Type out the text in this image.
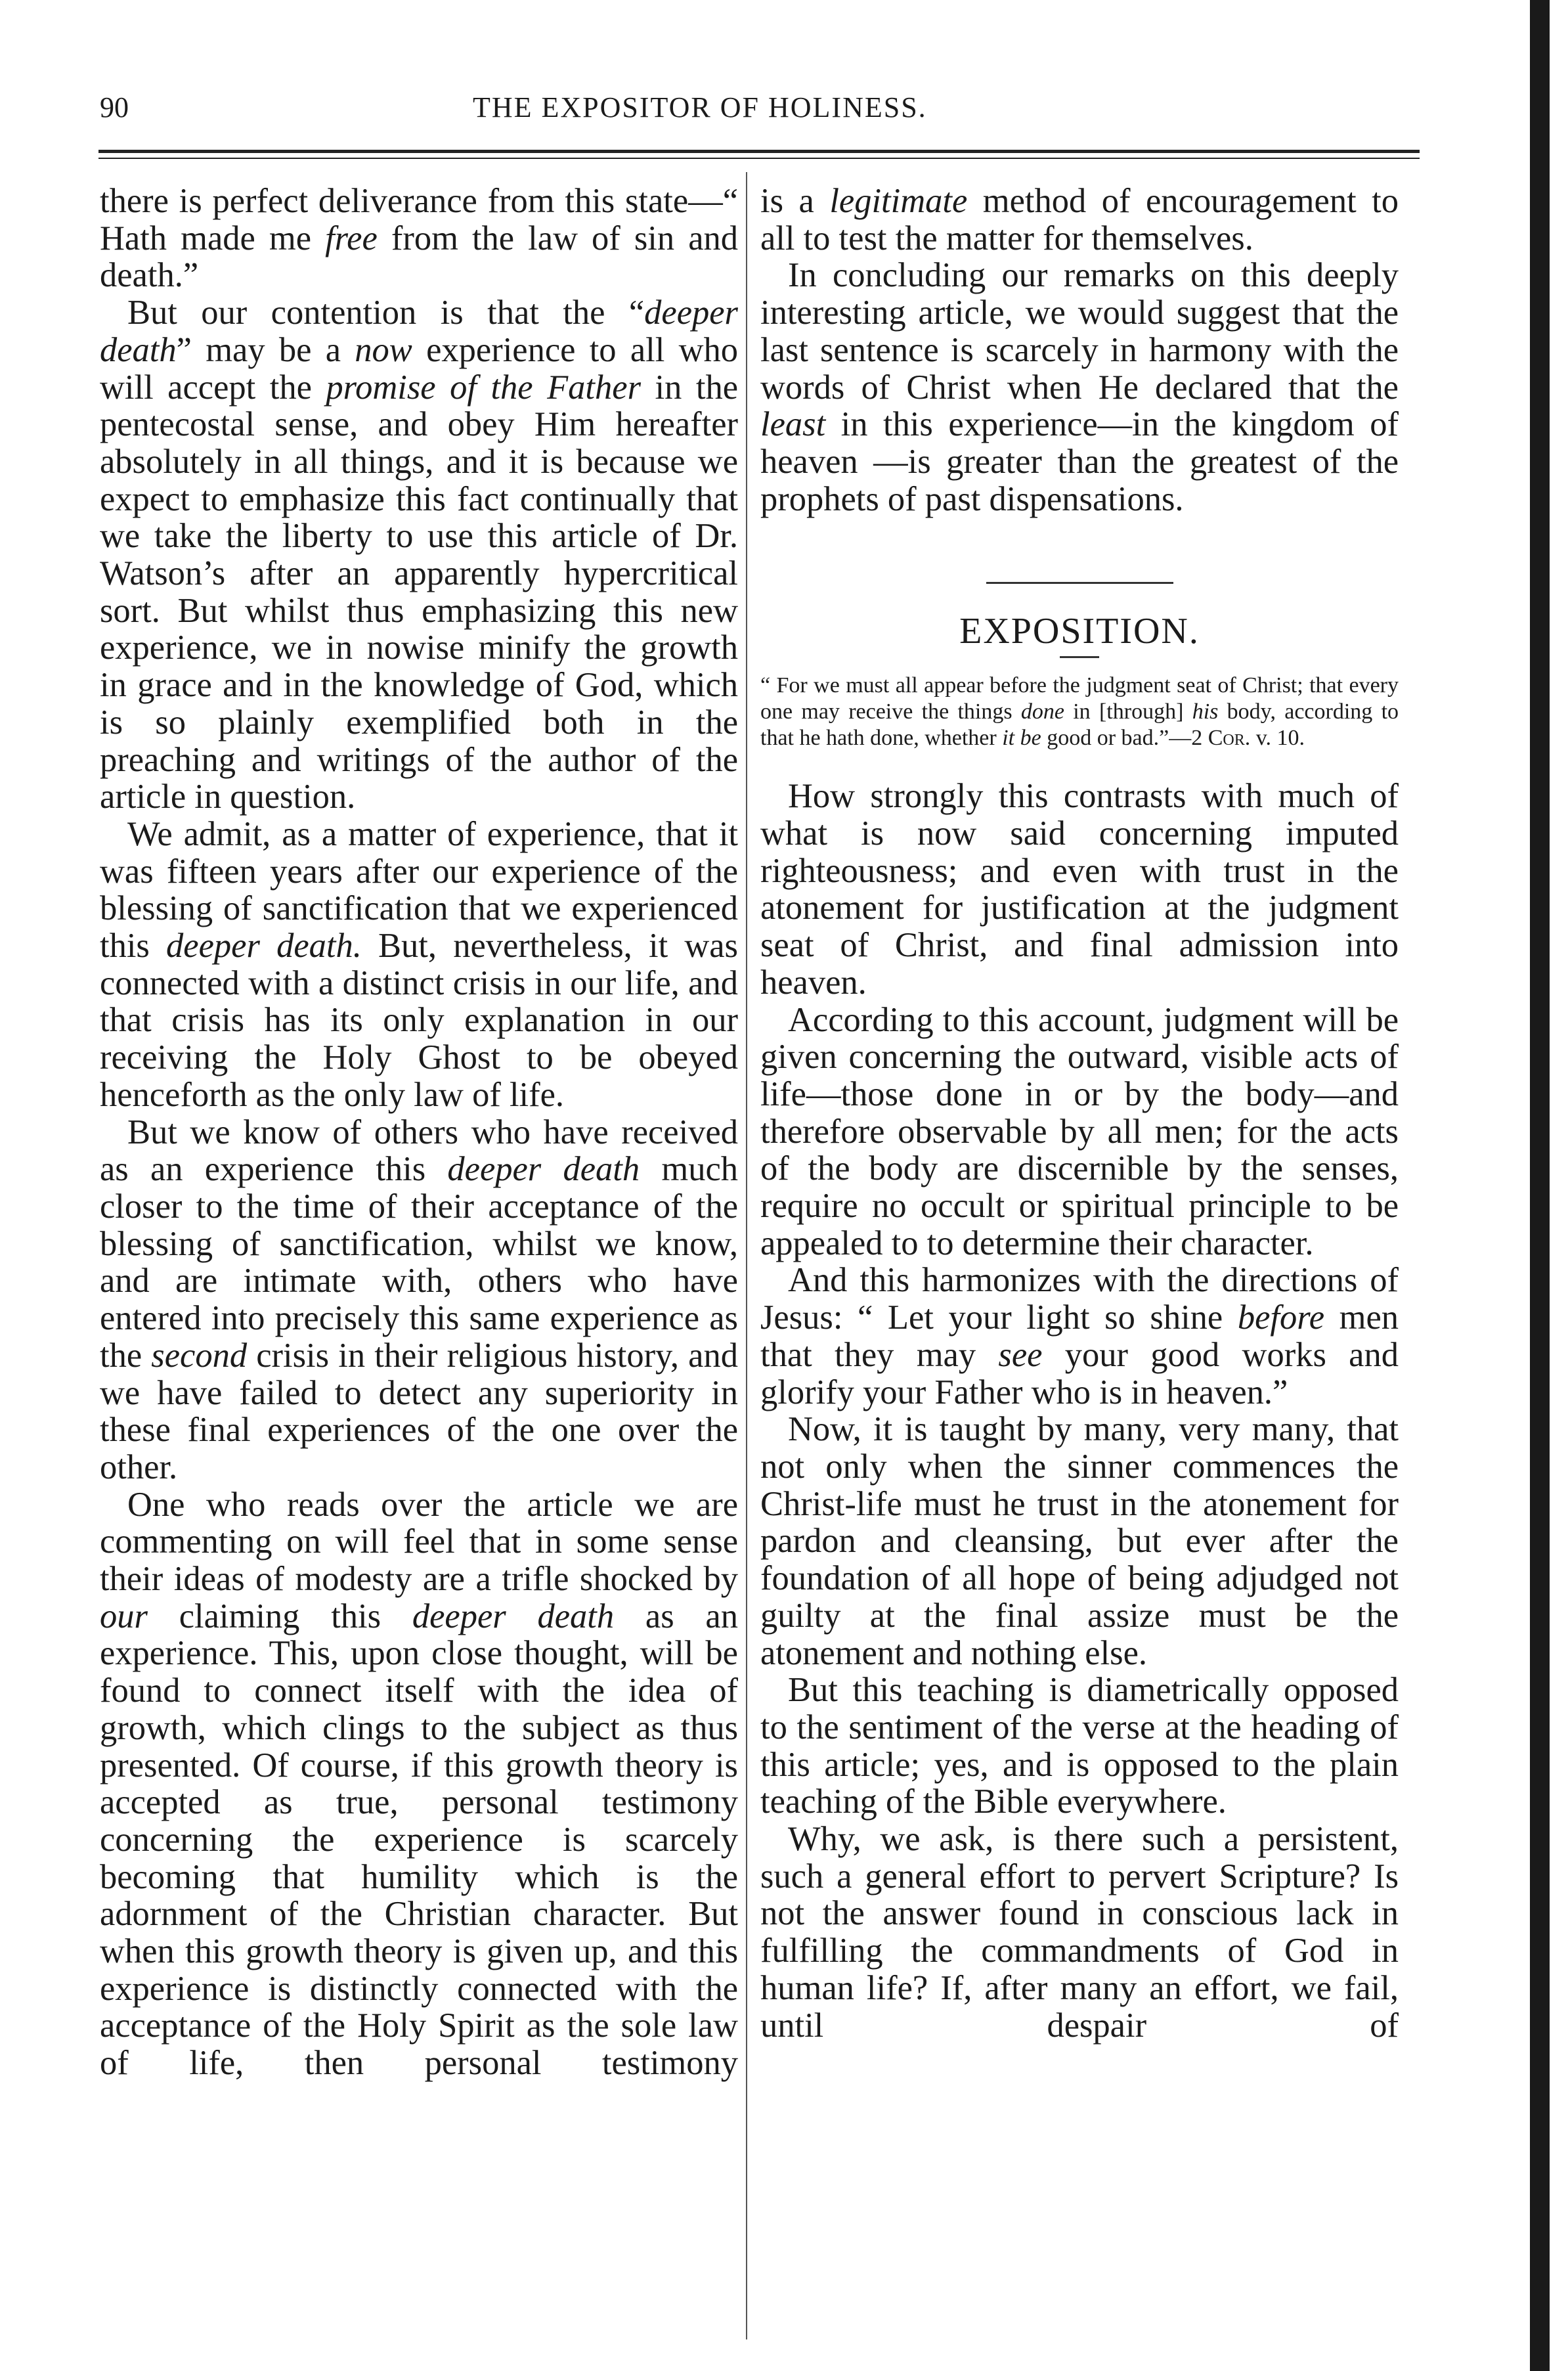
90	THE EXPOSITOR OF HOLINESS.

there is perfect deliverance from this state—“ Hath made me free from the law of sin and death.”

But our contention is that the “deeper death” may be a now experience to all who will accept the promise of the Father in the pentecostal sense, and obey Him hereafter absolutely in all things, and it is because we expect to emphasize this fact continually that we take the liberty to use this article of Dr. Watson’s after an apparently hypercritical sort. But whilst thus emphasizing this new experience, we in nowise minify the growth in grace and in the knowledge of God, which is so plainly exemplified both in the preaching and writings of the author of the article in question.

We admit, as a matter of experience, that it was fifteen years after our experience of the blessing of sanctification that we experienced this deeper death. But, nevertheless, it was connected with a distinct crisis in our life, and that crisis has its only explanation in our receiving the Holy Ghost to be obeyed henceforth as the only law of life.

But we know of others who have received as an experience this deeper death much closer to the time of their acceptance of the blessing of sanctification, whilst we know, and are intimate with, others who have entered into precisely this same experience as the second crisis in their religious history, and we have failed to detect any superiority in these final experiences of the one over the other.

One who reads over the article we are commenting on will feel that in some sense their ideas of modesty are a trifle shocked by our claiming this deeper death as an experience. This, upon close thought, will be found to connect itself with the idea of growth, which clings to the subject as thus presented. Of course, if this growth theory is accepted as true, personal testimony concerning the experience is scarcely becoming that humility which is the adornment of the Christian character. But when this growth theory is given up, and this experience is distinctly connected with the acceptance of the Holy Spirit as the sole law of life, then personal testimony

is a legitimate method of encouragement to all to test the matter for themselves.

In concluding our remarks on this deeply interesting article, we would suggest that the last sentence is scarcely in harmony with the words of Christ when He declared that the least in this experience—in the kingdom of heaven —is greater than the greatest of the prophets of past dispensations.

EXPOSITION.
“ For we must all appear before the judgment seat of Christ; that every one may receive the things done in [through] his body, according to that he hath done, whether it be good or bad.”—2 Cor. v. 10.

How strongly this contrasts with much of what is now said concerning imputed righteousness; and even with trust in the atonement for justification at the judgment seat of Christ, and final admission into heaven.

According to this account, judgment will be given concerning the outward, visible acts of life—those done in or by the body—and therefore observable by all men; for the acts of the body are discernible by the senses, require no occult or spiritual principle to be appealed to to determine their character.

And this harmonizes with the directions of Jesus: “ Let your light so shine before men that they may see your good works and glorify your Father who is in heaven.”

Now, it is taught by many, very many, that not only when the sinner commences the Christ-life must he trust in the atonement for pardon and cleansing, but ever after the foundation of all hope of being adjudged not guilty at the final assize must be the atonement and nothing else.

But this teaching is diametrically opposed to the sentiment of the verse at the heading of this article; yes, and is opposed to the plain teaching of the Bible everywhere.

Why, we ask, is there such a persistent, such a general effort to pervert Scripture? Is not the answer found in conscious lack in fulfilling the commandments of God in human life? If, after many an effort, we fail, until despair of
